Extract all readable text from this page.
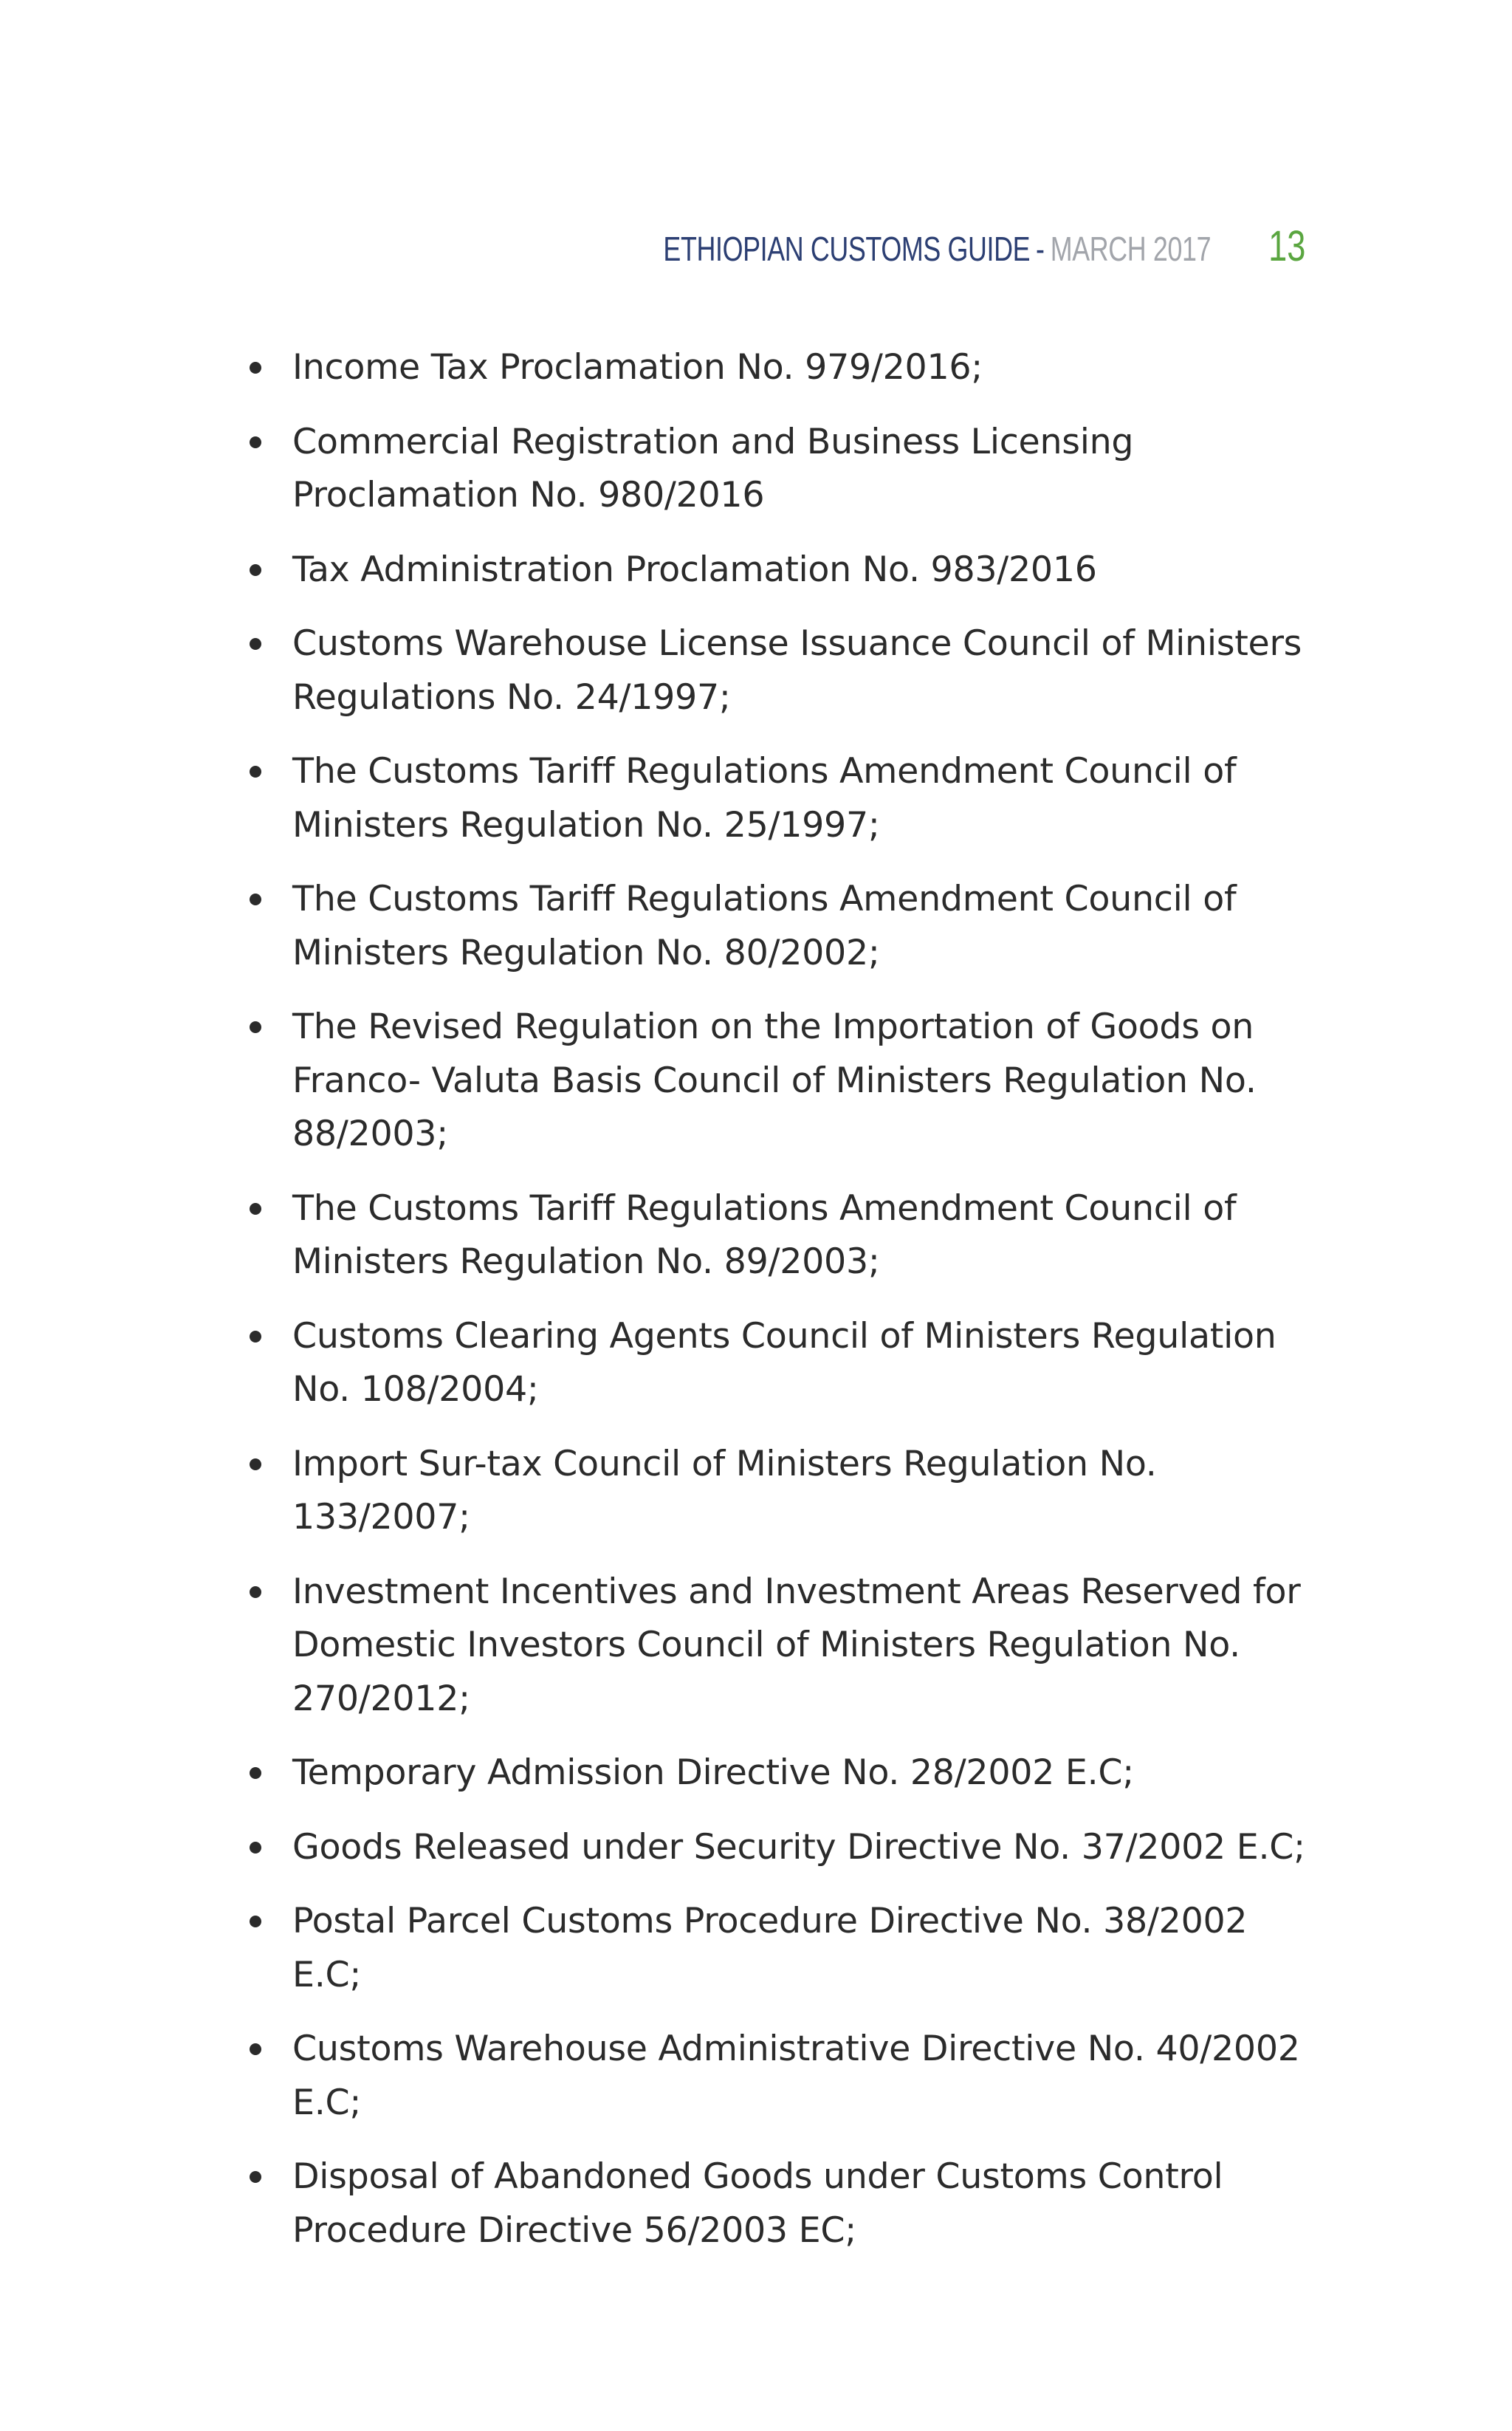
ETHIOPIAN CUSTOMS GUIDE - MARCH 2017 13
Income Tax Proclamation No. 979/2016;
Commercial Registration and Business Licensing Proclamation No. 980/2016
Tax Administration Proclamation No. 983/2016
Customs Warehouse License Issuance Council of Ministers Regulations No. 24/1997;
The Customs Tariff Regulations Amendment Council of Ministers Regulation No. 25/1997;
The Customs Tariff Regulations Amendment Council of Ministers Regulation No. 80/2002;
The Revised Regulation on the Importation of Goods on Franco- Valuta Basis Council of Ministers Regulation No. 88/2003;
The Customs Tariff Regulations Amendment Council of Ministers Regulation No. 89/2003;
Customs Clearing Agents Council of Ministers Regulation No. 108/2004;
Import Sur-tax Council of Ministers Regulation No. 133/2007;
Investment Incentives and Investment Areas Reserved for Domestic Investors Council of Ministers Regulation No. 270/2012;
Temporary Admission Directive No. 28/2002 E.C;
Goods Released under Security Directive No. 37/2002 E.C;
Postal Parcel Customs Procedure Directive No. 38/2002 E.C;
Customs Warehouse Administrative Directive No. 40/2002 E.C;
Disposal of Abandoned Goods under Customs Control Procedure Directive 56/2003 EC;
